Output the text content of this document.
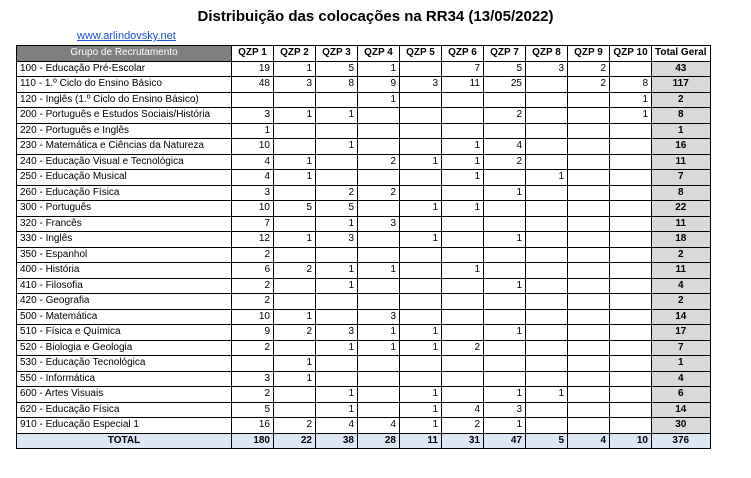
Distribuição das colocações na RR34 (13/05/2022)
www.arlindovsky.net
Grupo de Recrutamento	QZP 1	QZP 2	QZP 3	QZP 4	QZP 5	QZP 6	QZP 7	QZP 8	QZP 9	QZP 10	Total Geral
100 - Educação Pré-Escolar	19	1	5	1		7	5	3	2		43
110 - 1.º Ciclo do Ensino Básico	48	3	8	9	3	11	25		2	8	117
120 - Inglês (1.º Ciclo do Ensino Básico)				1						1	2
200 - Português e Estudos Sociais/História	3	1	1				2			1	8
220 - Português e Inglês	1										1
230 - Matemática e Ciências da Natureza	10		1			1	4				16
240 - Educação Visual e Tecnológica	4	1		2	1	1	2				11
250 - Educação Musical	4	1				1		1			7
260 - Educação Física	3		2	2			1				8
300 - Português	10	5	5		1	1					22
320 - Francês	7		1	3							11
330 - Inglês	12	1	3		1		1				18
350 - Espanhol	2										2
400 - História	6	2	1	1		1					11
410 - Filosofia	2		1				1				4
420 - Geografia	2										2
500 - Matemática	10	1		3							14
510 - Física e Química	9	2	3	1	1		1				17
520 - Biologia e Geologia	2		1	1	1	2					7
530 - Educação Tecnológica		1									1
550 - Informática	3	1									4
600 - Artes Visuais	2		1		1		1	1			6
620 - Educação Física	5		1		1	4	3				14
910 - Educação Especial 1	16	2	4	4	1	2	1				30
TOTAL	180	22	38	28	11	31	47	5	4	10	376
